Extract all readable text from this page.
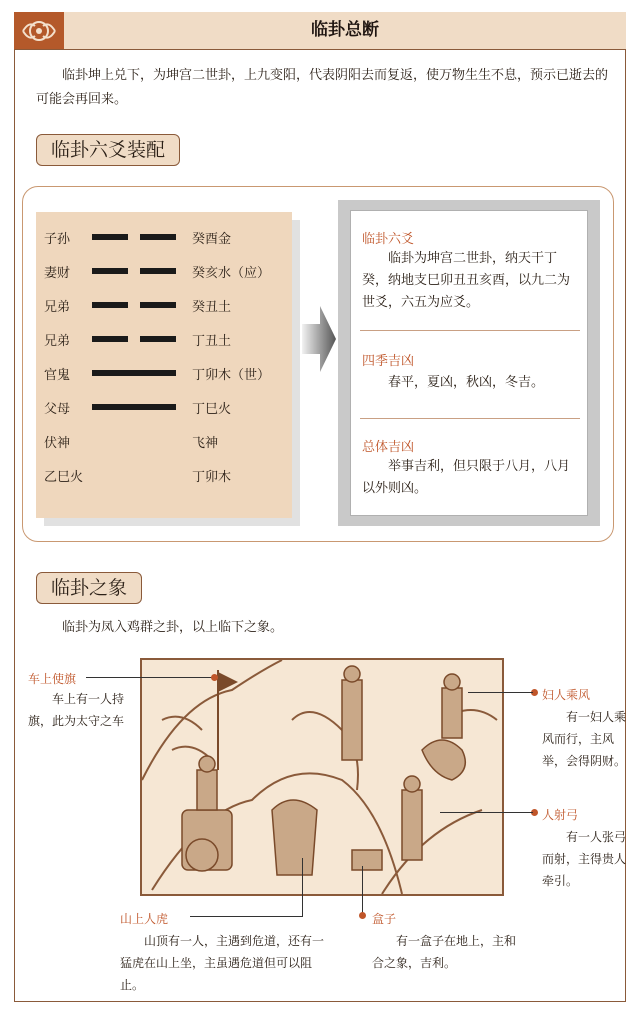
临卦总断
临卦坤上兑下，为坤宫二世卦，上九变阳，代表阴阳去而复返，使万物生生不息，预示已逝去的可能会再回来。
临卦六爻装配
子孙	癸酉金
妻财	癸亥水（应）
兄弟	癸丑土
兄弟	丁丑土
官鬼	丁卯木（世）
父母	丁巳火
伏神	飞神
乙巳火	丁卯木
临卦六爻
临卦为坤宫二世卦，纳天干丁癸，纳地支巳卯丑丑亥酉，以九二为世爻，六五为应爻。
四季吉凶
春平，夏凶，秋凶，冬吉。
总体吉凶
举事吉利，但只限于八月，八月以外则凶。
临卦之象
临卦为凤入鸡群之卦，以上临下之象。
车上使旗
车上有一人持旗，此为太守之车
妇人乘风
有一妇人乘风而行，主风举，会得阴财。
人射弓
有一人张弓而射，主得贵人牵引。
山上人虎
山顶有一人，主遇到危道，还有一猛虎在山上坐，主虽遇危道但可以阻止。
盒子
有一盒子在地上，主和合之象，吉利。
